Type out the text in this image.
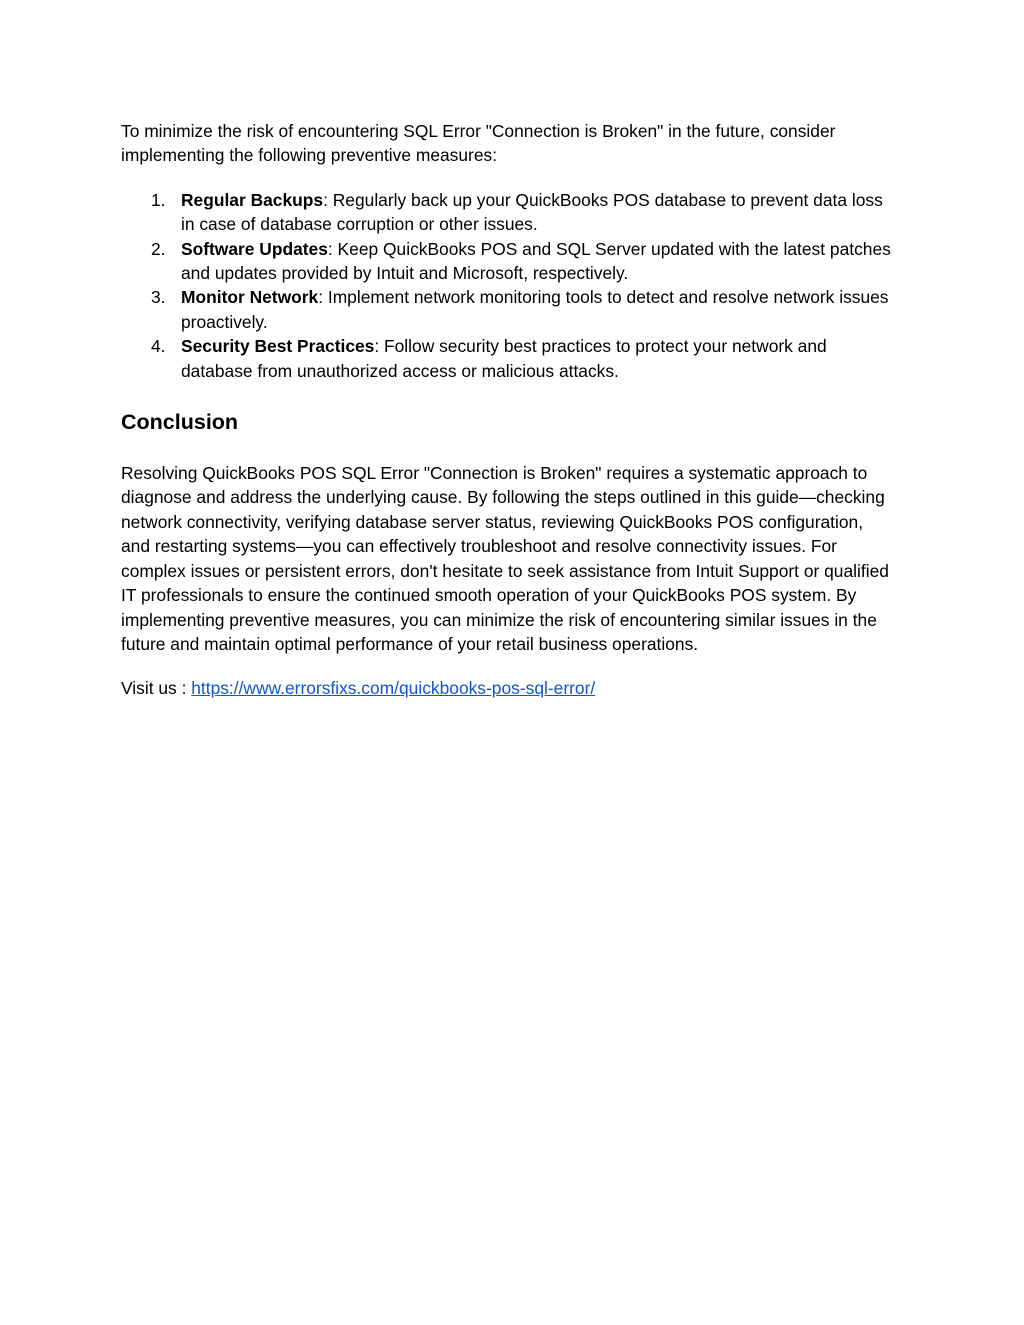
To minimize the risk of encountering SQL Error "Connection is Broken" in the future, consider implementing the following preventive measures:

1. Regular Backups: Regularly back up your QuickBooks POS database to prevent data loss in case of database corruption or other issues.
2. Software Updates: Keep QuickBooks POS and SQL Server updated with the latest patches and updates provided by Intuit and Microsoft, respectively.
3. Monitor Network: Implement network monitoring tools to detect and resolve network issues proactively.
4. Security Best Practices: Follow security best practices to protect your network and database from unauthorized access or malicious attacks.
Conclusion

Resolving QuickBooks POS SQL Error "Connection is Broken" requires a systematic approach to diagnose and address the underlying cause. By following the steps outlined in this guide—checking network connectivity, verifying database server status, reviewing QuickBooks POS configuration, and restarting systems—you can effectively troubleshoot and resolve connectivity issues. For complex issues or persistent errors, don't hesitate to seek assistance from Intuit Support or qualified IT professionals to ensure the continued smooth operation of your QuickBooks POS system. By implementing preventive measures, you can minimize the risk of encountering similar issues in the future and maintain optimal performance of your retail business operations.

Visit us : https://www.errorsfixs.com/quickbooks-pos-sql-error/
